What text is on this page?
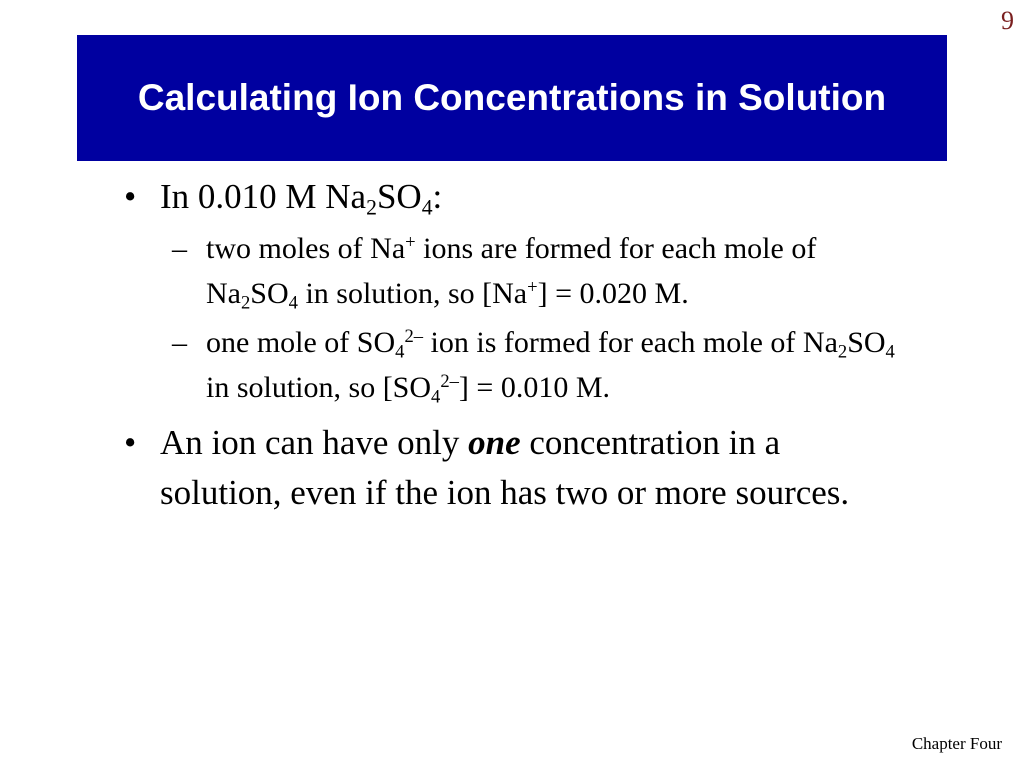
9
Calculating Ion Concentrations in Solution
• In 0.010 M $Na_2SO_4$:
– two moles of Na+ ions are formed for each mole of $Na_2SO_4$ in solution, so [Na+] = 0.020 M.
– one mole of $SO_4^{2-}$ ion is formed for each mole of $Na_2SO_4$ in solution, so $[SO_4^{2-}] = 0.010$ M.
• An ion can have only one concentration in a solution, even if the ion has two or more sources.
Chapter Four
